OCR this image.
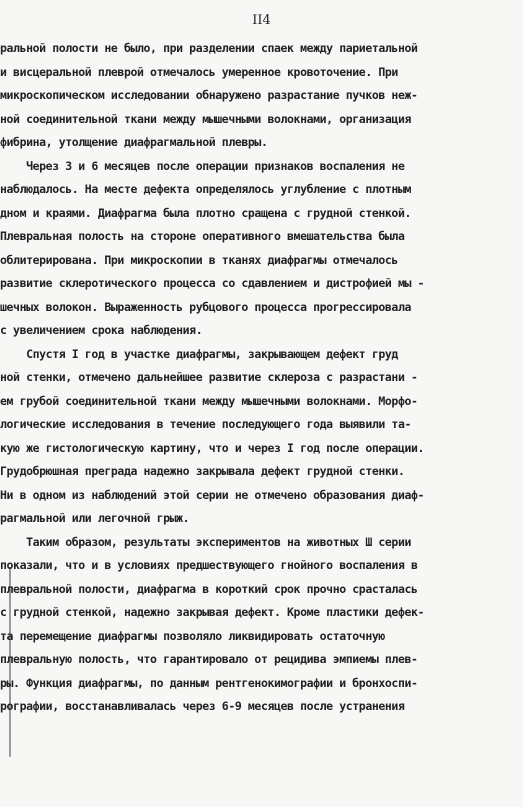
II4
ральной полости не было, при разделении спаек между париетальной
и висцеральной плеврой отмечалось умеренное кровоточение. При
микроскопическом исследовании обнаружено разрастание пучков неж-
ной соединительной ткани между мышечными волокнами, организация
фибрина, утолщение диафрагмальной плевры.
Через 3 и 6 месяцев после операции признаков воспаления не
наблюдалось. На месте дефекта определялось углубление с плотным
дном и краями. Диафрагма была плотно сращена с грудной стенкой.
Плевральная полость на стороне оперативного вмешательства была
облитерирована. При микроскопии в тканях диафрагмы отмечалось
развитие склеротического процесса со сдавлением и дистрофией мы -
шечных волокон. Выраженность рубцового процесса прогрессировала
с увеличением срока наблюдения.
Спустя I год в участке диафрагмы, закрывающем дефект груд
ной стенки, отмечено дальнейшее развитие склероза с разрастани -
ем грубой соединительной ткани между мышечными волокнами. Морфо-
логические исследования в течение последующего года выявили та-
кую же гистологическую картину, что и через I год после операции.
Грудобрюшная преграда надежно закрывала дефект грудной стенки.
Ни в одном из наблюдений этой серии не отмечено образования диаф-
рагмальной или легочной грыж.
Таким образом, результаты экспериментов на животных Ш серии
показали, что и в условиях предшествующего гнойного воспаления в
плевральной полости, диафрагма в короткий срок прочно срасталась
с грудной стенкой, надежно закрывая дефект. Кроме пластики дефек-
та перемещение диафрагмы позволяло ликвидировать остаточную
плевральную полость, что гарантировало от рецидива эмпиемы плев-
ры. Функция диафрагмы, по данным рентгенокимографии и бронхоспи-
рографии, восстанавливалась через 6-9 месяцев после устранения
